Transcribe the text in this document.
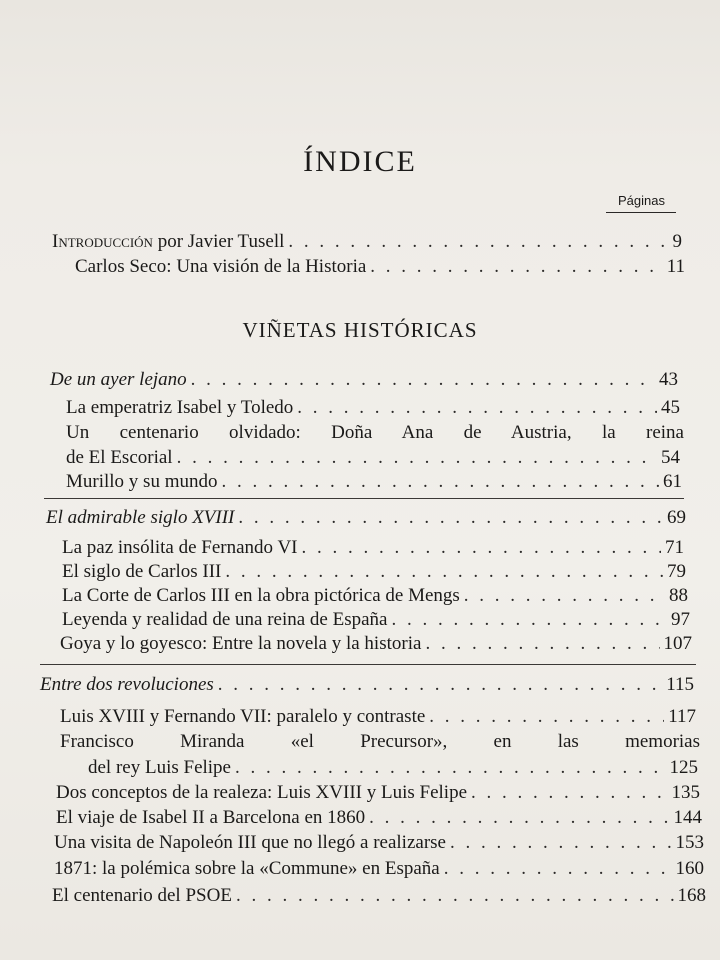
ÍNDICE
Páginas
Introducción por Javier Tusell . . .	9
Carlos Seco: Una visión de la Historia . . .	11
VIÑETAS HISTÓRICAS
De un ayer lejano . . .	43
La emperatriz Isabel y Toledo . . .	45
Un centenario olvidado: Doña Ana de Austria, la reina
de El Escorial . . .	54
Murillo y su mundo . . .	61
El admirable siglo XVIII . . .	69
La paz insólita de Fernando VI . . .	71
El siglo de Carlos III . . .	79
La Corte de Carlos III en la obra pictórica de Mengs . . .	88
Leyenda y realidad de una reina de España . . .	97
Goya y lo goyesco: Entre la novela y la historia . . .	107
Entre dos revoluciones . . .	115
Luis XVIII y Fernando VII: paralelo y contraste . . .	117
Francisco Miranda «el Precursor», en las memorias
del rey Luis Felipe . . .	125
Dos conceptos de la realeza: Luis XVIII y Luis Felipe . . .	135
El viaje de Isabel II a Barcelona en 1860 . . .	144
Una visita de Napoleón III que no llegó a realizarse . . .	153
1871: la polémica sobre la «Commune» en España . . .	160
El centenario del PSOE . . .	168
